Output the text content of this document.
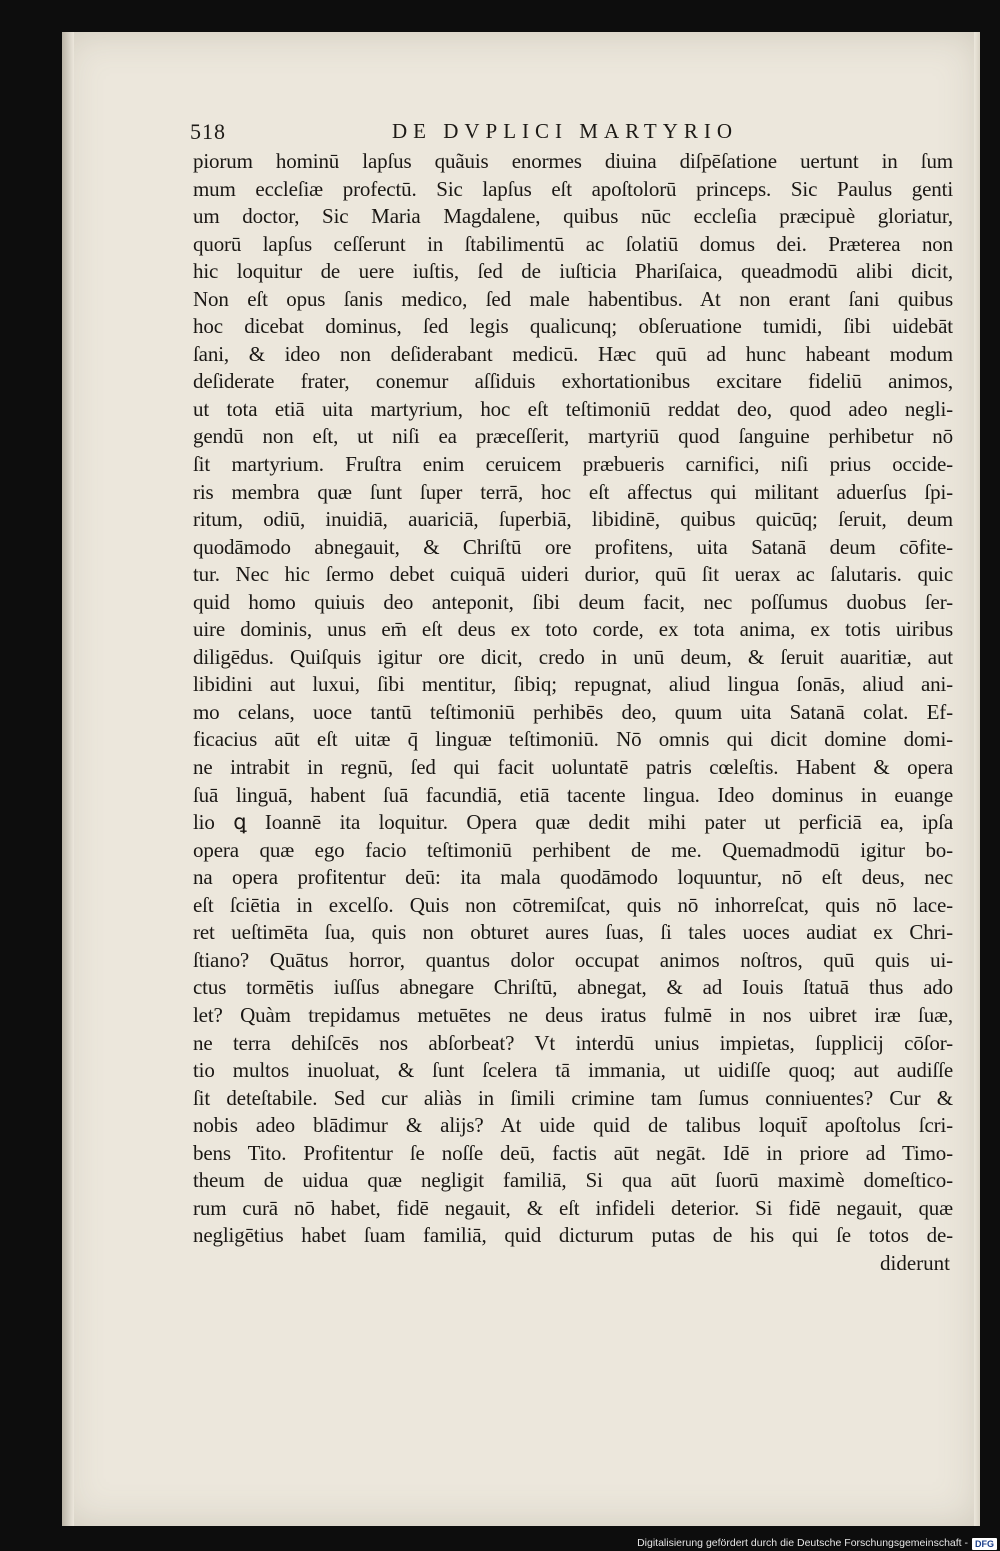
518	DE DVPLICI MARTYRIO
piorum hominū lapſus quãuis enormes diuina diſpēſatione uertunt in ſum
mum eccleſiæ profectū. Sic lapſus eſt apoſtolorū princeps. Sic Paulus genti
um doctor, Sic Maria Magdalene, quibus nūc eccleſia præcipuè gloriatur,
quorū lapſus ceſſerunt in ſtabilimentū ac ſolatiū domus dei. Præterea non
hic loquitur de uere iuſtis, ſed de iuſticia Phariſaica, queadmodū alibi dicit,
Non eſt opus ſanis medico, ſed male habentibus. At non erant ſani quibus
hoc dicebat dominus, ſed legis qualicunq; obſeruatione tumidi, ſibi uidebāt
ſani, & ideo non deſiderabant medicū. Hæc quū ad hunc habeant modum
deſiderate frater, conemur aſſiduis exhortationibus excitare fideliū animos,
ut tota etiā uita martyrium, hoc eſt teſtimoniū reddat deo, quod adeo negli-
gendū non eſt, ut niſi ea præceſſerit, martyriū quod ſanguine perhibetur nō
ſit martyrium. Fruſtra enim ceruicem præbueris carnifici, niſi prius occide-
ris membra quæ ſunt ſuper terrā, hoc eſt affectus qui militant aduerſus ſpi-
ritum, odiū, inuidiā, auariciā, ſuperbiā, libidinē, quibus quicūq; ſeruit, deum
quodāmodo abnegauit, & Chriſtū ore profitens, uita Satanā deum cōfite-
tur. Nec hic ſermo debet cuiquā uideri durior, quū ſit uerax ac ſalutaris. quic
quid homo quiuis deo anteponit, ſibi deum facit, nec poſſumus duobus ſer-
uire dominis, unus em̄ eſt deus ex toto corde, ex tota anima, ex totis uiribus
diligēdus. Quiſquis igitur ore dicit, credo in unū deum, & ſeruit auaritiæ, aut
libidini aut luxui, ſibi mentitur, ſibiq; repugnat, aliud lingua ſonās, aliud ani-
mo celans, uoce tantū teſtimoniū perhibēs deo, quum uita Satanā colat. Ef-
ficacius aūt eſt uitæ q̄ linguæ teſtimoniū. Nō omnis qui dicit domine domi-
ne intrabit in regnū, ſed qui facit uoluntatē patris cœleſtis. Habent & opera
ſuā linguā, habent ſuā facundiā, etiā tacente lingua. Ideo dominus in euange
lio ꝗ Ioannē ita loquitur. Opera quæ dedit mihi pater ut perficiā ea, ipſa
opera quæ ego facio teſtimoniū perhibent de me. Quemadmodū igitur bo-
na opera profitentur deū: ita mala quodāmodo loquuntur, nō eſt deus, nec
eſt ſciētia in excelſo. Quis non cōtremiſcat, quis nō inhorreſcat, quis nō lace-
ret ueſtimēta ſua, quis non obturet aures ſuas, ſi tales uoces audiat ex Chri-
ſtiano? Quātus horror, quantus dolor occupat animos noſtros, quū quis ui-
ctus tormētis iuſſus abnegare Chriſtū, abnegat, & ad Iouis ſtatuā thus ado
let? Quàm trepidamus metuētes ne deus iratus fulmē in nos uibret iræ ſuæ,
ne terra dehiſcēs nos abſorbeat? Vt interdū unius impietas, ſupplicij cōſor-
tio multos inuoluat, & ſunt ſcelera tā immania, ut uidiſſe quoq; aut audiſſe
ſit deteſtabile. Sed cur aliàs in ſimili crimine tam ſumus conniuentes? Cur &
nobis adeo blādimur & alijs? At uide quid de talibus loquit̄ apoſtolus ſcri-
bens Tito. Profitentur ſe noſſe deū, factis aūt negāt. Idē in priore ad Timo-
theum de uidua quæ negligit familiā, Si qua aūt ſuorū maximè domeſtico-
rum curā nō habet, fidē negauit, & eſt infideli deterior. Si fidē negauit, quæ
negligētius habet ſuam familiā, quid dicturum putas de his qui ſe totos de-
diderunt
Digitalisierung gefördert durch die Deutsche Forschungsgemeinschaft - DFG
